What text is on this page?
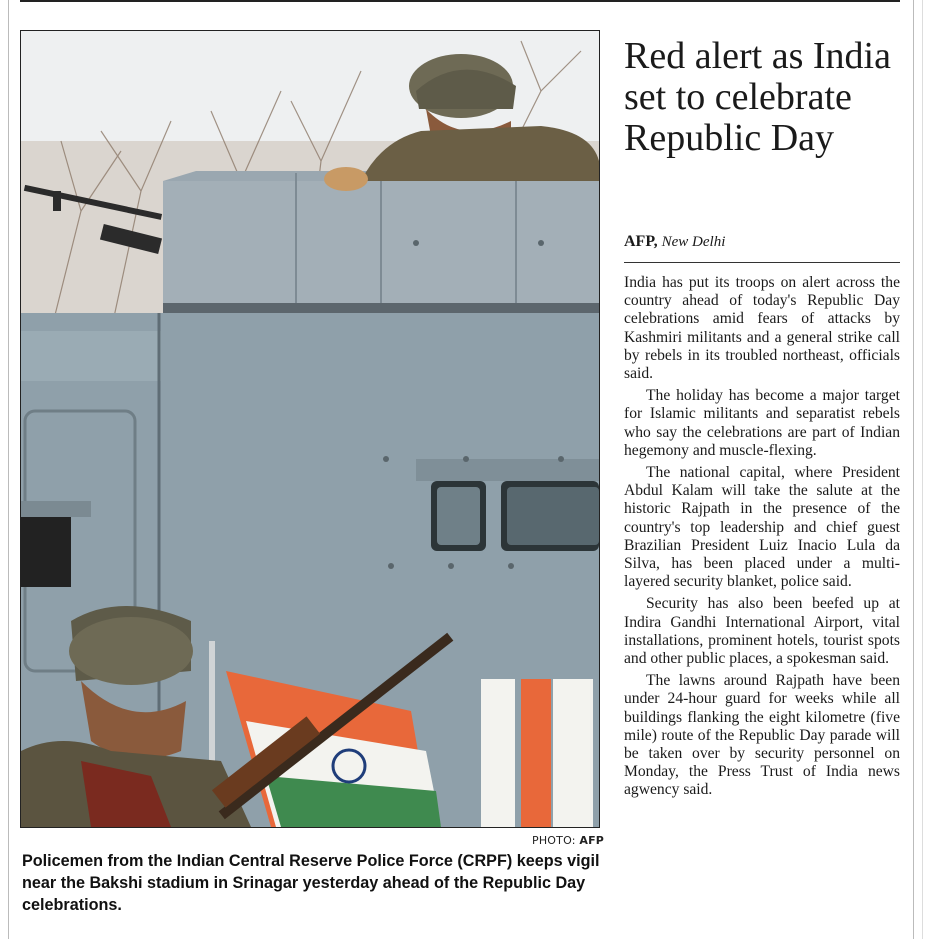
PHOTO: AFP
Policemen from the Indian Central Reserve Police Force (CRPF) keeps vigil near the Bakshi stadium in Srinagar yesterday ahead of the Republic Day celebrations.
Red alert as India set to celebrate Republic Day
AFP, New Delhi

India has put its troops on alert across the country ahead of today's Republic Day celebrations amid fears of attacks by Kashmiri militants and a general strike call by rebels in its troubled northeast, officials said.

The holiday has become a major target for Islamic militants and separatist rebels who say the celebrations are part of Indian hegemony and muscle-flexing.

The national capital, where President Abdul Kalam will take the salute at the historic Rajpath in the presence of the country's top leadership and chief guest Brazilian President Luiz Inacio Lula da Silva, has been placed under a multi-layered security blanket, police said.

Security has also been beefed up at Indira Gandhi International Airport, vital installations, prominent hotels, tourist spots and other public places, a spokesman said.

The lawns around Rajpath have been under 24-hour guard for weeks while all buildings flanking the eight kilometre (five mile) route of the Republic Day parade will be taken over by security personnel on Monday, the Press Trust of India news agwency said.
